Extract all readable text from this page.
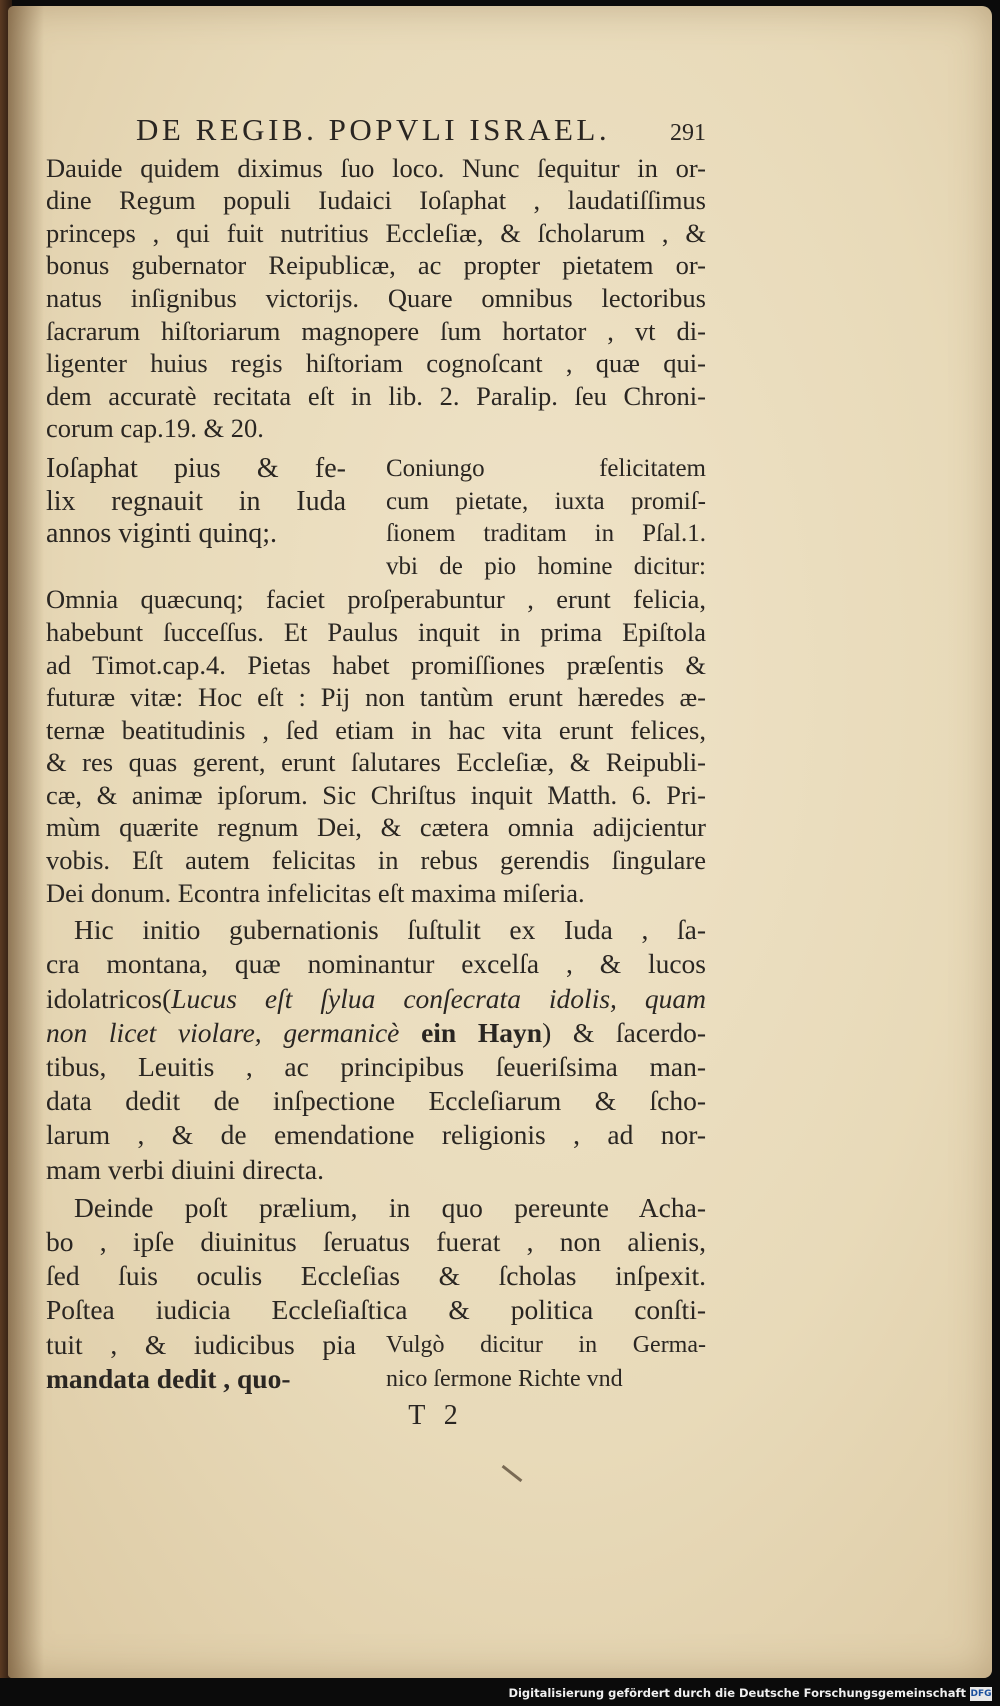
DE REGIB. POPVLI ISRAEL. 291

Dauide quidem diximus ſuo loco. Nunc ſequitur in or-

dine Regum populi Iudaici Ioſaphat , laudatiſſimus

princeps , qui fuit nutritius Eccleſiæ, & ſcholarum , &

bonus gubernator Reipublicæ, ac propter pietatem or-

natus inſignibus victorijs. Quare omnibus lectoribus

ſacrarum hiſtoriarum magnopere ſum hortator , vt di-

ligenter huius regis hiſtoriam cognoſcant , quæ qui-

dem accuratè recitata eſt in lib. 2. Paralip. ſeu Chroni-

corum cap.19. & 20.

Ioſaphat pius & fe-

lix regnauit in Iuda

annos viginti quinq;.

Coniungo felicitatem

cum pietate, iuxta promiſ-

ſionem traditam in Pſal.1.

vbi de pio homine dicitur:

Omnia quæcunq; faciet proſperabuntur , erunt felicia,

habebunt ſucceſſus. Et Paulus inquit in prima Epiſtola

ad Timot.cap.4. Pietas habet promiſſiones præſentis &

futuræ vitæ: Hoc eſt : Pij non tantùm erunt hæredes æ-

ternæ beatitudinis , ſed etiam in hac vita erunt felices,

& res quas gerent, erunt ſalutares Eccleſiæ, & Reipubli-

cæ, & animæ ipſorum. Sic Chriſtus inquit Matth. 6. Pri-

mùm quærite regnum Dei, & cætera omnia adijcientur

vobis. Eſt autem felicitas in rebus gerendis ſingulare

Dei donum. Econtra infelicitas eſt maxima miſeria.

Hic initio gubernationis ſuſtulit ex Iuda , ſa-

cra montana, quæ nominantur excelſa , & lucos

idolatricos(Lucus eſt ſylua conſecrata idolis, quam

non licet violare, germanicè ein Hayn) & ſacerdo-

tibus, Leuitis , ac principibus ſeueriſsima man-

data dedit de inſpectione Eccleſiarum & ſcho-

larum , & de emendatione religionis , ad nor-

mam verbi diuini directa.

Deinde poſt prælium, in quo pereunte Acha-

bo , ipſe diuinitus ſeruatus fuerat , non alienis,

ſed ſuis oculis Eccleſias & ſcholas inſpexit.

Poſtea iudicia Eccleſiaſtica & politica conſti-

tuit , & iudicibus pia

mandata dedit , quo-

Vulgò dicitur in Germa-

nico ſermone Richte vnd

T 2
Digitalisierung gefördert durch die Deutsche Forschungsgemeinschaft DFG
